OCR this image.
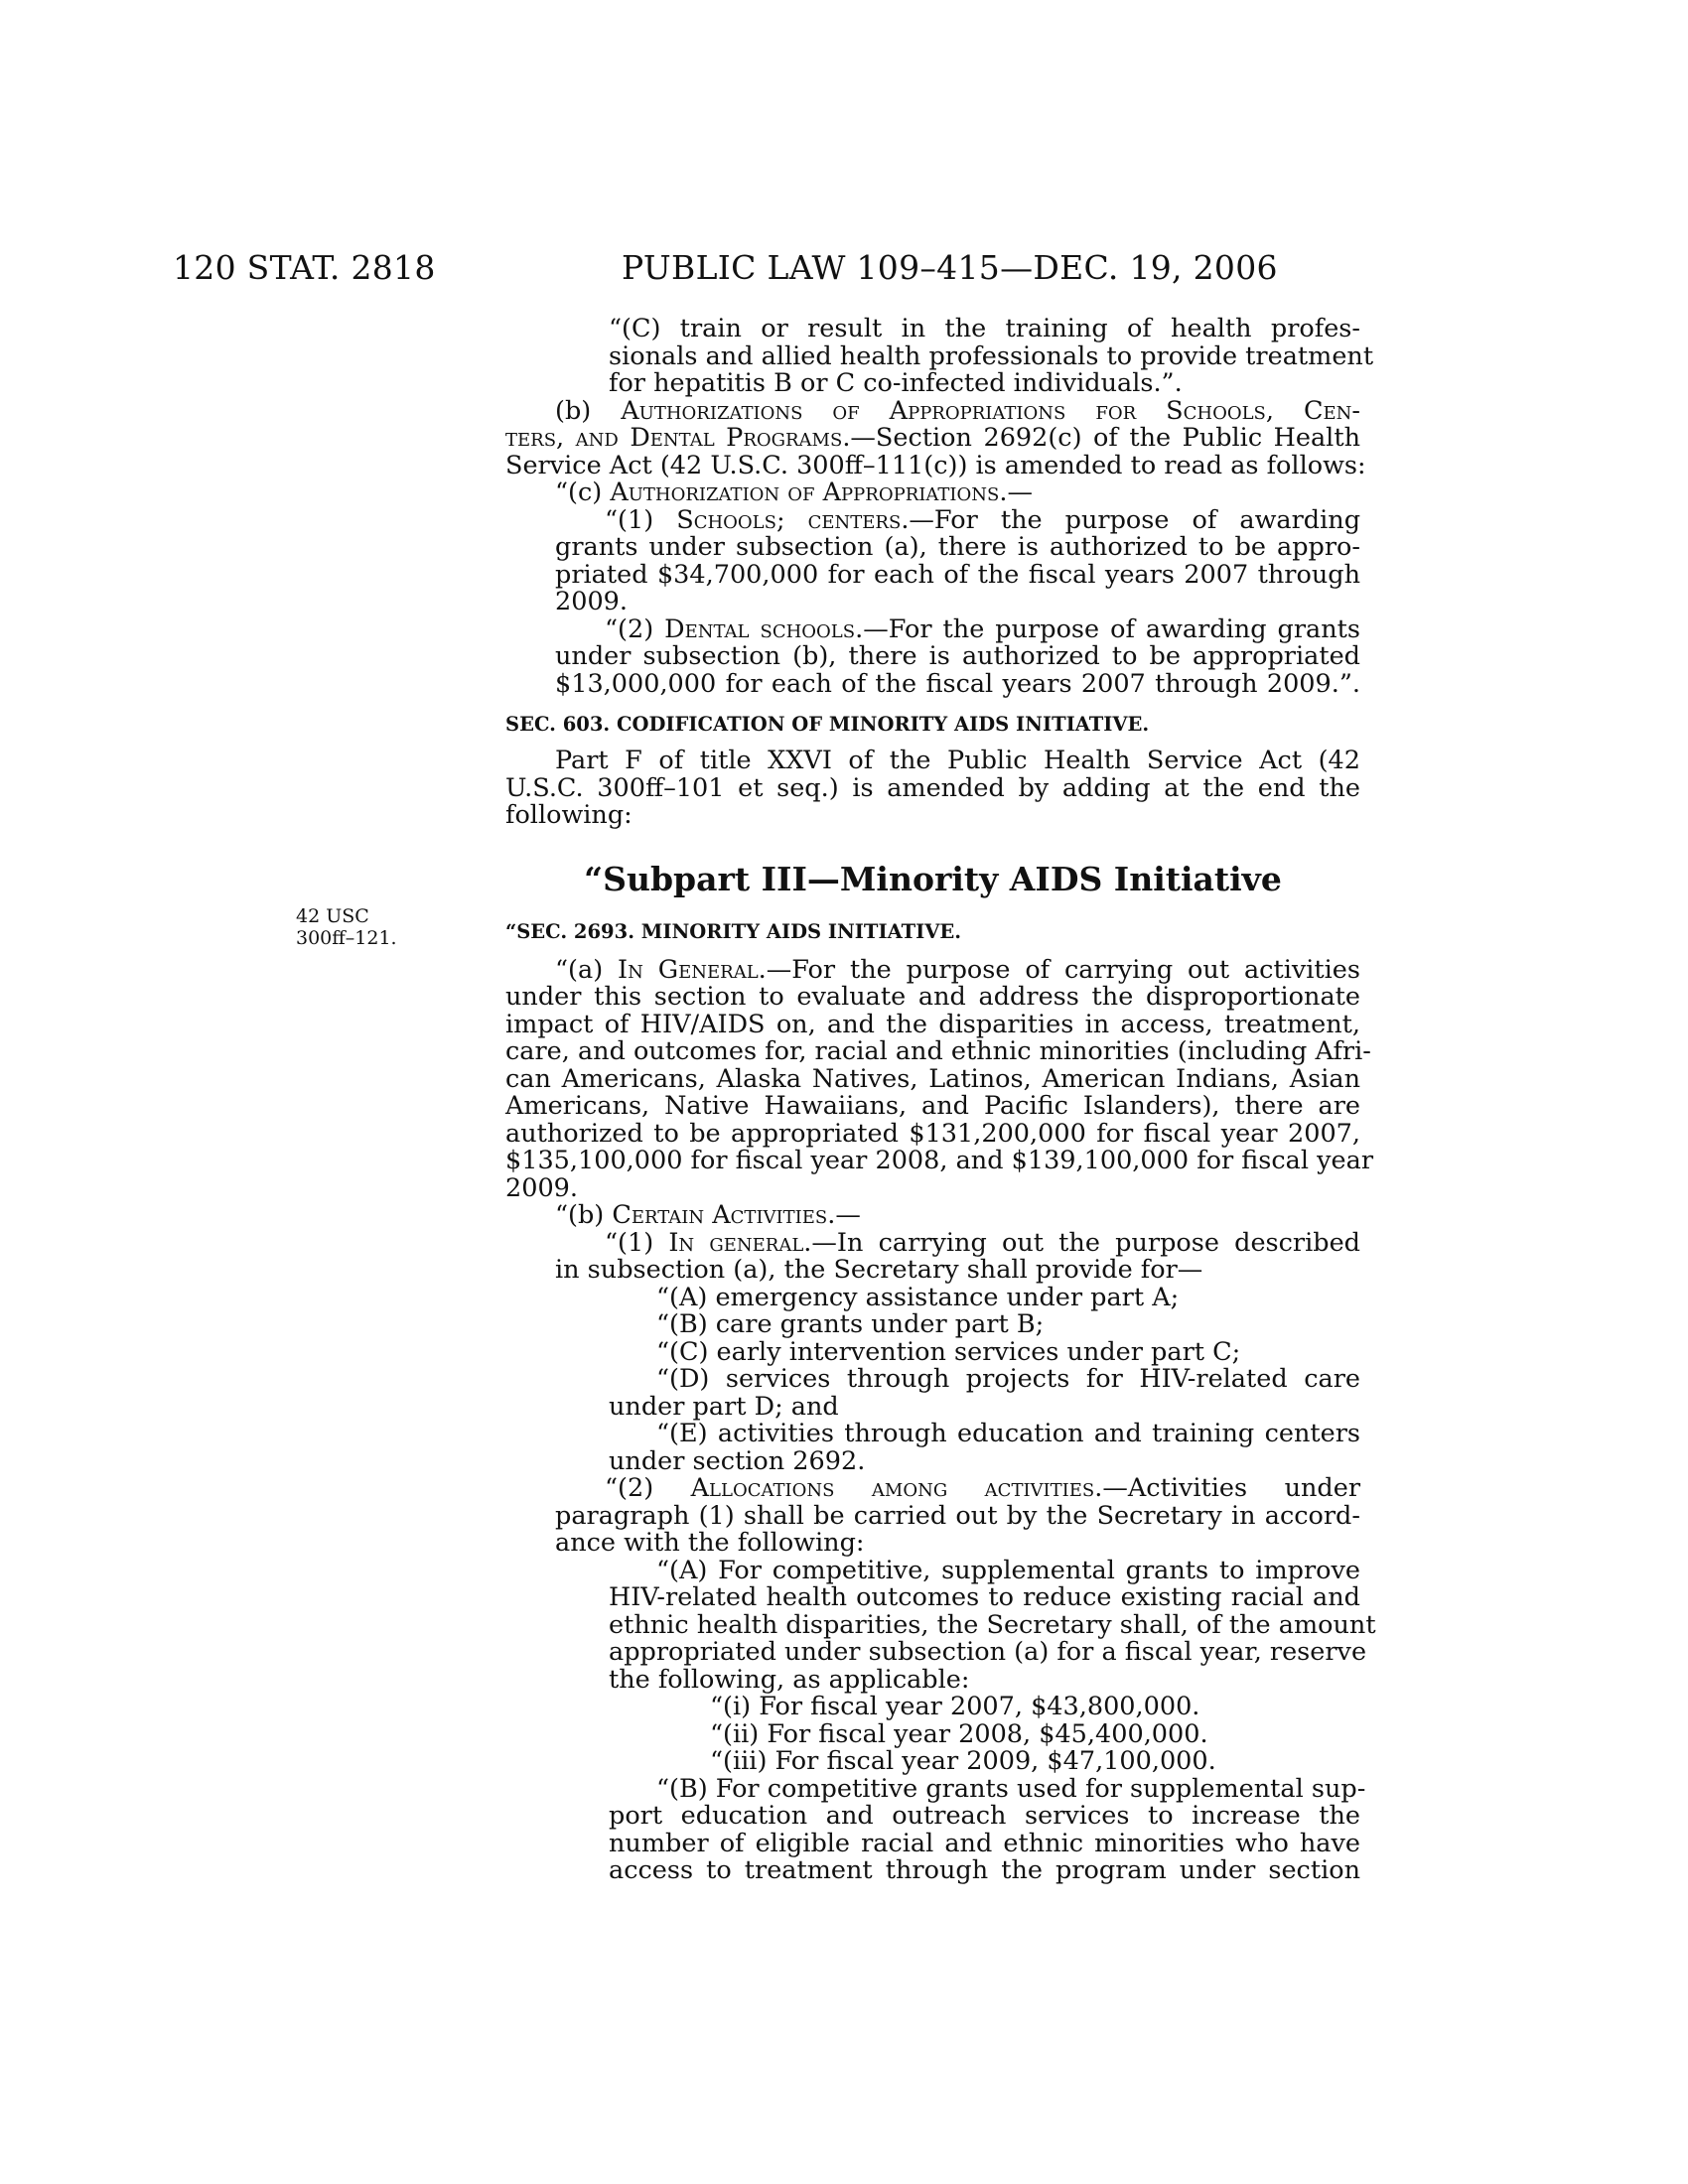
120 STAT. 2818	PUBLIC LAW 109–415—DEC. 19, 2006
42 USC
300ff–121.
“(C) train or result in the training of health profes-
sionals and allied health professionals to provide treatment
for hepatitis B or C co-infected individuals.”.
(b) Authorizations of Appropriations for Schools, Cen-
ters, and Dental Programs.—Section 2692(c) of the Public Health
Service Act (42 U.S.C. 300ff–111(c)) is amended to read as follows:
“(c) Authorization of Appropriations.—
“(1) Schools; centers.—For the purpose of awarding
grants under subsection (a), there is authorized to be appro-
priated $34,700,000 for each of the fiscal years 2007 through
2009.
“(2) Dental schools.—For the purpose of awarding grants
under subsection (b), there is authorized to be appropriated
$13,000,000 for each of the fiscal years 2007 through 2009.”.
SEC. 603. CODIFICATION OF MINORITY AIDS INITIATIVE.
Part F of title XXVI of the Public Health Service Act (42
U.S.C. 300ff–101 et seq.) is amended by adding at the end the
following:
“Subpart III—Minority AIDS Initiative
“SEC. 2693. MINORITY AIDS INITIATIVE.
“(a) In General.—For the purpose of carrying out activities
under this section to evaluate and address the disproportionate
impact of HIV/AIDS on, and the disparities in access, treatment,
care, and outcomes for, racial and ethnic minorities (including Afri-
can Americans, Alaska Natives, Latinos, American Indians, Asian
Americans, Native Hawaiians, and Pacific Islanders), there are
authorized to be appropriated $131,200,000 for fiscal year 2007,
$135,100,000 for fiscal year 2008, and $139,100,000 for fiscal year
2009.
“(b) Certain Activities.—
“(1) In general.—In carrying out the purpose described
in subsection (a), the Secretary shall provide for—
“(A) emergency assistance under part A;
“(B) care grants under part B;
“(C) early intervention services under part C;
“(D) services through projects for HIV-related care
under part D; and
“(E) activities through education and training centers
under section 2692.
“(2) Allocations among activities.—Activities under
paragraph (1) shall be carried out by the Secretary in accord-
ance with the following:
“(A) For competitive, supplemental grants to improve
HIV-related health outcomes to reduce existing racial and
ethnic health disparities, the Secretary shall, of the amount
appropriated under subsection (a) for a fiscal year, reserve
the following, as applicable:
“(i) For fiscal year 2007, $43,800,000.
“(ii) For fiscal year 2008, $45,400,000.
“(iii) For fiscal year 2009, $47,100,000.
“(B) For competitive grants used for supplemental sup-
port education and outreach services to increase the
number of eligible racial and ethnic minorities who have
access to treatment through the program under section
